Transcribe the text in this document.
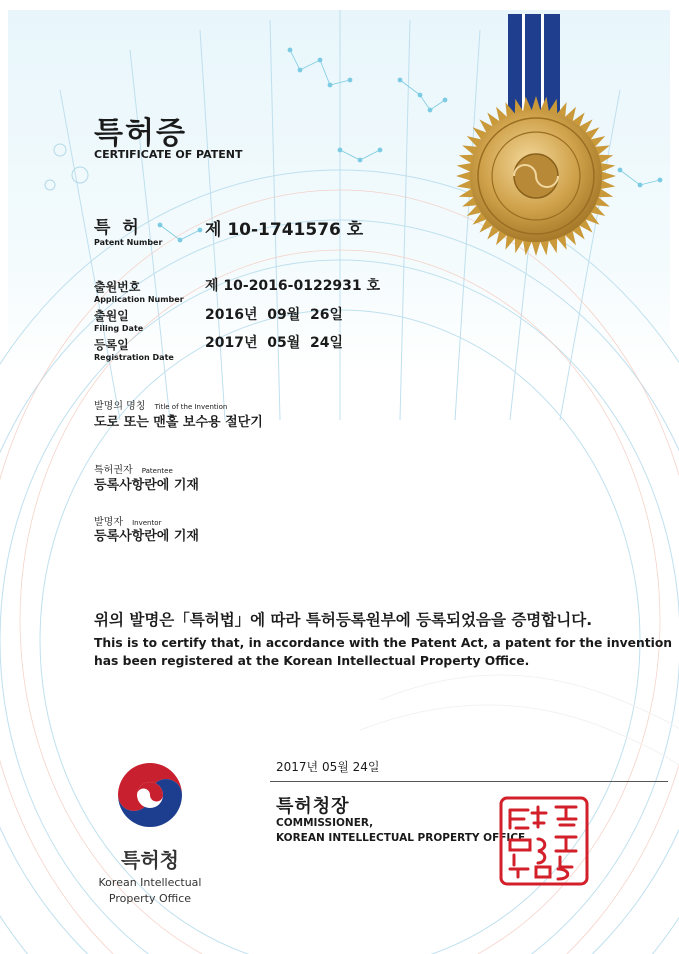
특허증
CERTIFICATE OF PATENT
특 허
Patent Number
제 10-1741576 호
출원번호
Application Number
제 10-2016-0122931 호
출원일
Filing Date
2016년  09월  26일
등록일
Registration Date
2017년  05월  24일
발명의 명칭 Title of the Invention
도로 또는 맨홀 보수용 절단기
특허권자 Patentee
등록사항란에 기재
발명자 Inventor
등록사항란에 기재
위의 발명은「특허법」에 따라 특허등록원부에 등록되었음을 증명합니다.
This is to certify that, in accordance with the Patent Act, a patent for the invention
has been registered at the Korean Intellectual Property Office.
특허청
Korean Intellectual
Property Office
2017년 05월 24일
특허청장
COMMISSIONER,
KOREAN INTELLECTUAL PROPERTY OFFICE
